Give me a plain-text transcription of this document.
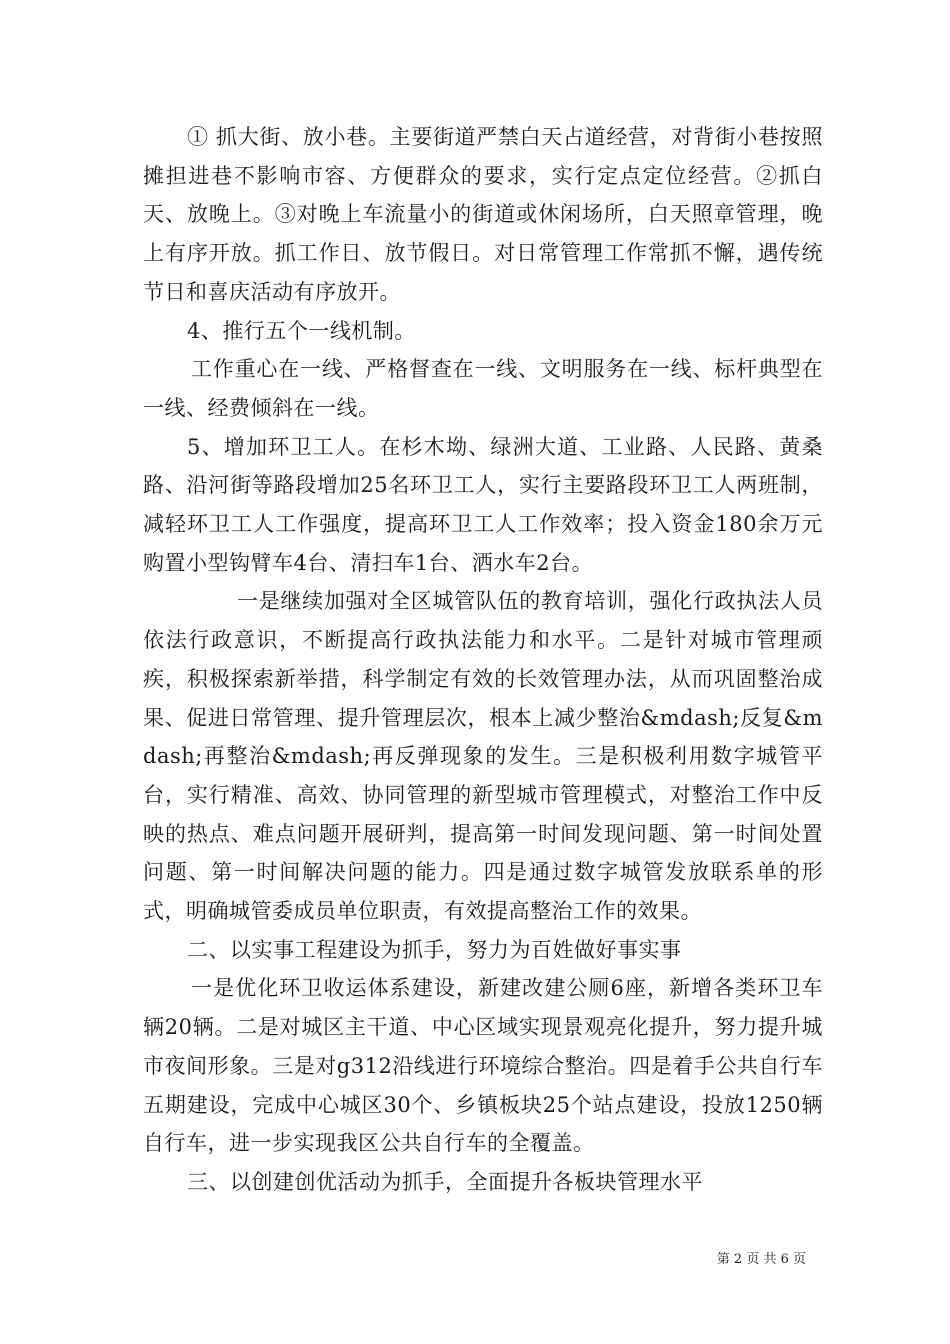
① 抓大街、放小巷。主要街道严禁白天占道经营，对背街小巷按照摊担进巷不影响市容、方便群众的要求，实行定点定位经营。②抓白天、放晚上。③对晚上车流量小的街道或休闲场所，白天照章管理，晚上有序开放。抓工作日、放节假日。对日常管理工作常抓不懈，遇传统节日和喜庆活动有序放开。

4、推行五个一线机制。

工作重心在一线、严格督查在一线、文明服务在一线、标杆典型在一线、经费倾斜在一线。

5、增加环卫工人。在杉木坳、绿洲大道、工业路、人民路、黄桑路、沿河街等路段增加25名环卫工人，实行主要路段环卫工人两班制，减轻环卫工人工作强度，提高环卫工人工作效率；投入资金180余万元购置小型钩臂车4台、清扫车1台、洒水车2台。

一是继续加强对全区城管队伍的教育培训，强化行政执法人员依法行政意识，不断提高行政执法能力和水平。二是针对城市管理顽疾，积极探索新举措，科学制定有效的长效管理办法，从而巩固整治成果、促进日常管理、提升管理层次，根本上减少整治&mdash;反复&mdash;再整治&mdash;再反弹现象的发生。三是积极利用数字城管平台，实行精准、高效、协同管理的新型城市管理模式，对整治工作中反映的热点、难点问题开展研判，提高第一时间发现问题、第一时间处置问题、第一时间解决问题的能力。四是通过数字城管发放联系单的形式，明确城管委成员单位职责，有效提高整治工作的效果。

二、以实事工程建设为抓手，努力为百姓做好事实事

一是优化环卫收运体系建设，新建改建公厕6座，新增各类环卫车辆20辆。二是对城区主干道、中心区域实现景观亮化提升，努力提升城市夜间形象。三是对g312沿线进行环境综合整治。四是着手公共自行车五期建设，完成中心城区30个、乡镇板块25个站点建设，投放1250辆自行车，进一步实现我区公共自行车的全覆盖。

三、以创建创优活动为抓手，全面提升各板块管理水平

第 2 页 共 6 页
